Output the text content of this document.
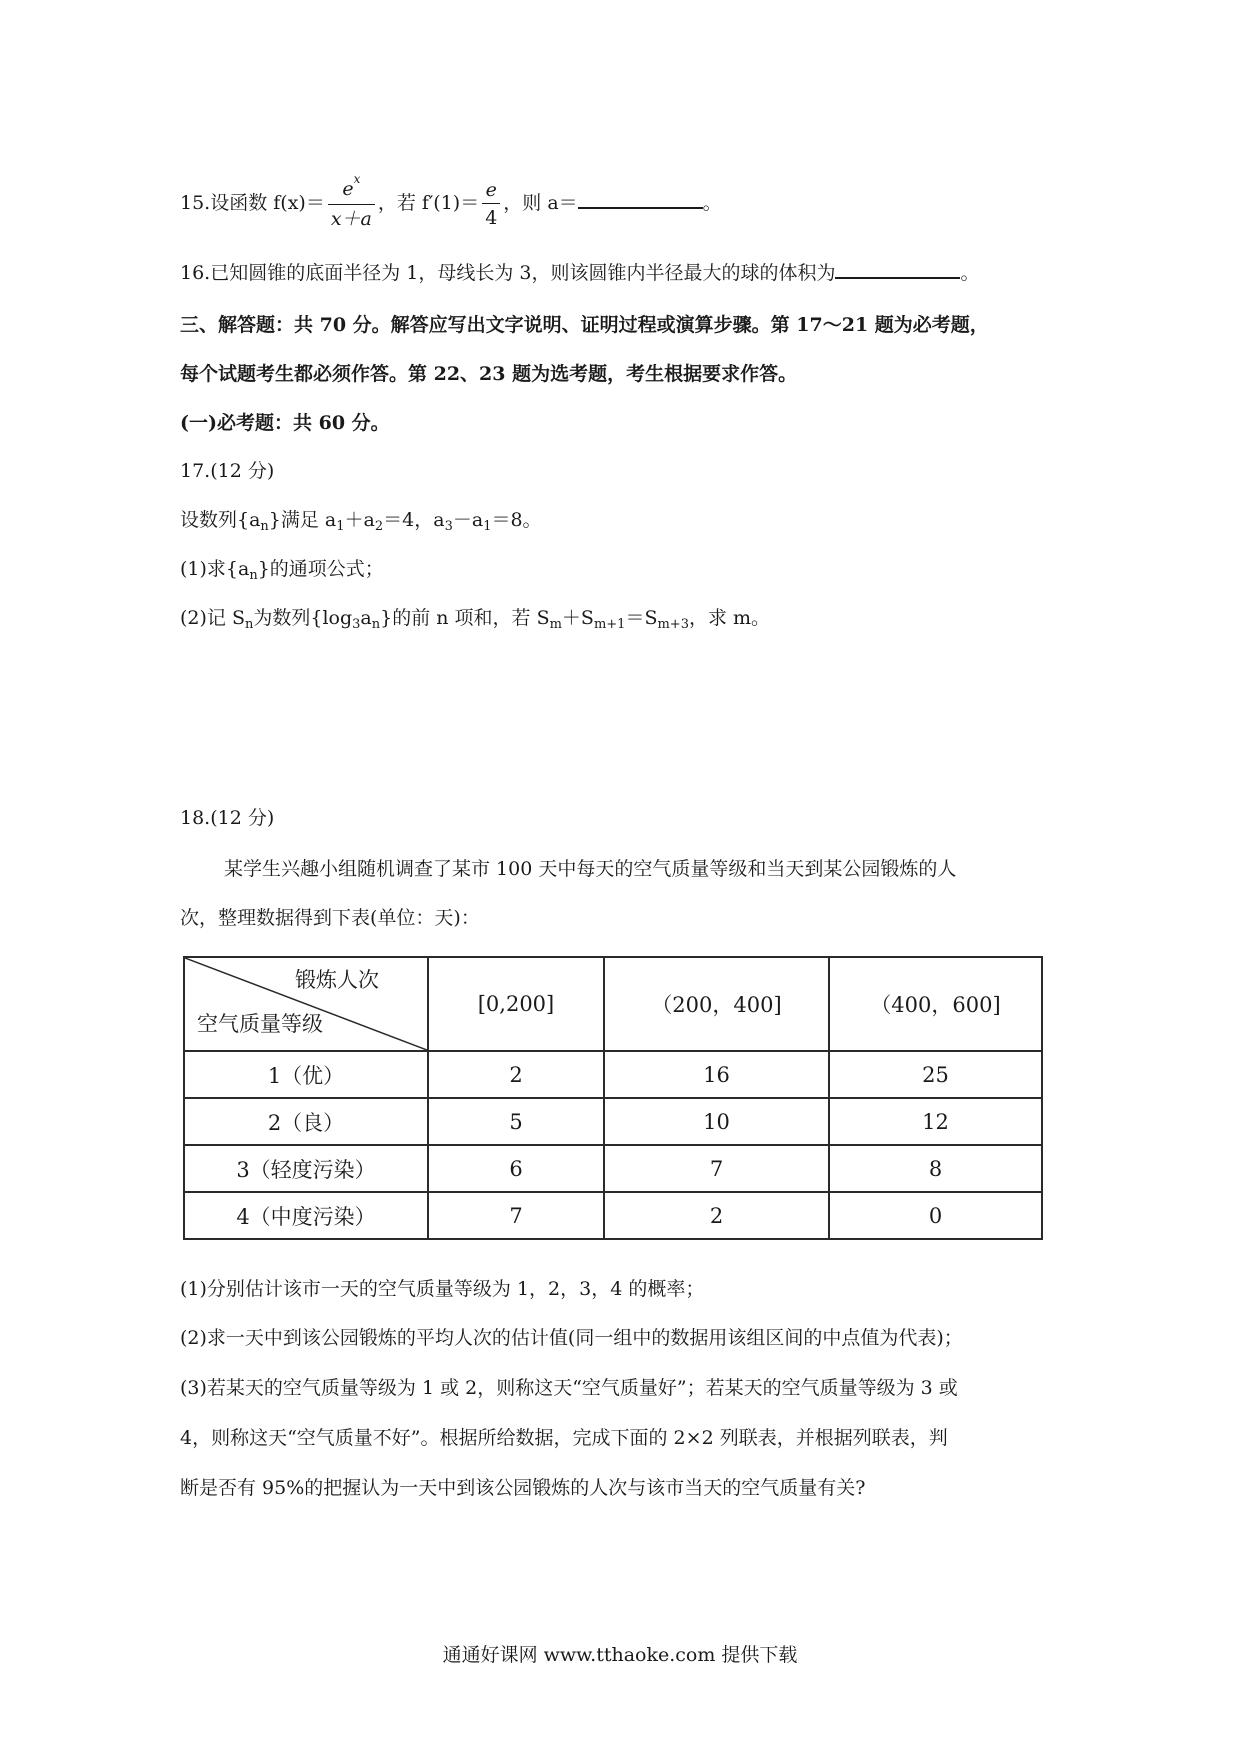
15.设函数 $f(x)= \frac{e^x}{x+a}$ ，若 $f'(1)= \frac{e}{4}$ ，则 a＝	。
16.已知圆锥的底面半径为 1，母线长为 3，则该圆锥内半径最大的球的体积为	。
三、解答题：共 70 分。解答应写出文字说明、证明过程或演算步骤。第 17～21 题为必考题，
每个试题考生都必须作答。第 22、23 题为选考题，考生根据要求作答。
(一)必考题：共 60 分。
17.(12 分)
设数列$\{a_n\}$满足 $a_1+a_2=4$，$a_3-a_1=8$。
(1)求$\{a_n\}$的通项公式；
(2)记 $S_n$为数列$\{\log_3a_n\}$的前 n 项和，若 $S_m+S_{m+1}=S_{m+3}$，求 m。
18.(12 分)
某学生兴趣小组随机调查了某市 100 天中每天的空气质量等级和当天到某公园锻炼的人
次，整理数据得到下表(单位：天)：
锻炼人次
空气质量等级	[0,200]	（200，400]	（400，600]
1（优）	2	16	25
2（良）	5	10	12
3（轻度污染）	6	7	8
4（中度污染）	7	2	0
(1)分别估计该市一天的空气质量等级为 1，2，3，4 的概率；
(2)求一天中到该公园锻炼的平均人次的估计值(同一组中的数据用该组区间的中点值为代表)；
(3)若某天的空气质量等级为 1 或 2，则称这天“空气质量好”；若某天的空气质量等级为 3 或
4，则称这天“空气质量不好”。根据所给数据，完成下面的 2×2 列联表，并根据列联表，判
断是否有 95%的把握认为一天中到该公园锻炼的人次与该市当天的空气质量有关?
通通好课网 www.tthaoke.com 提供下载
